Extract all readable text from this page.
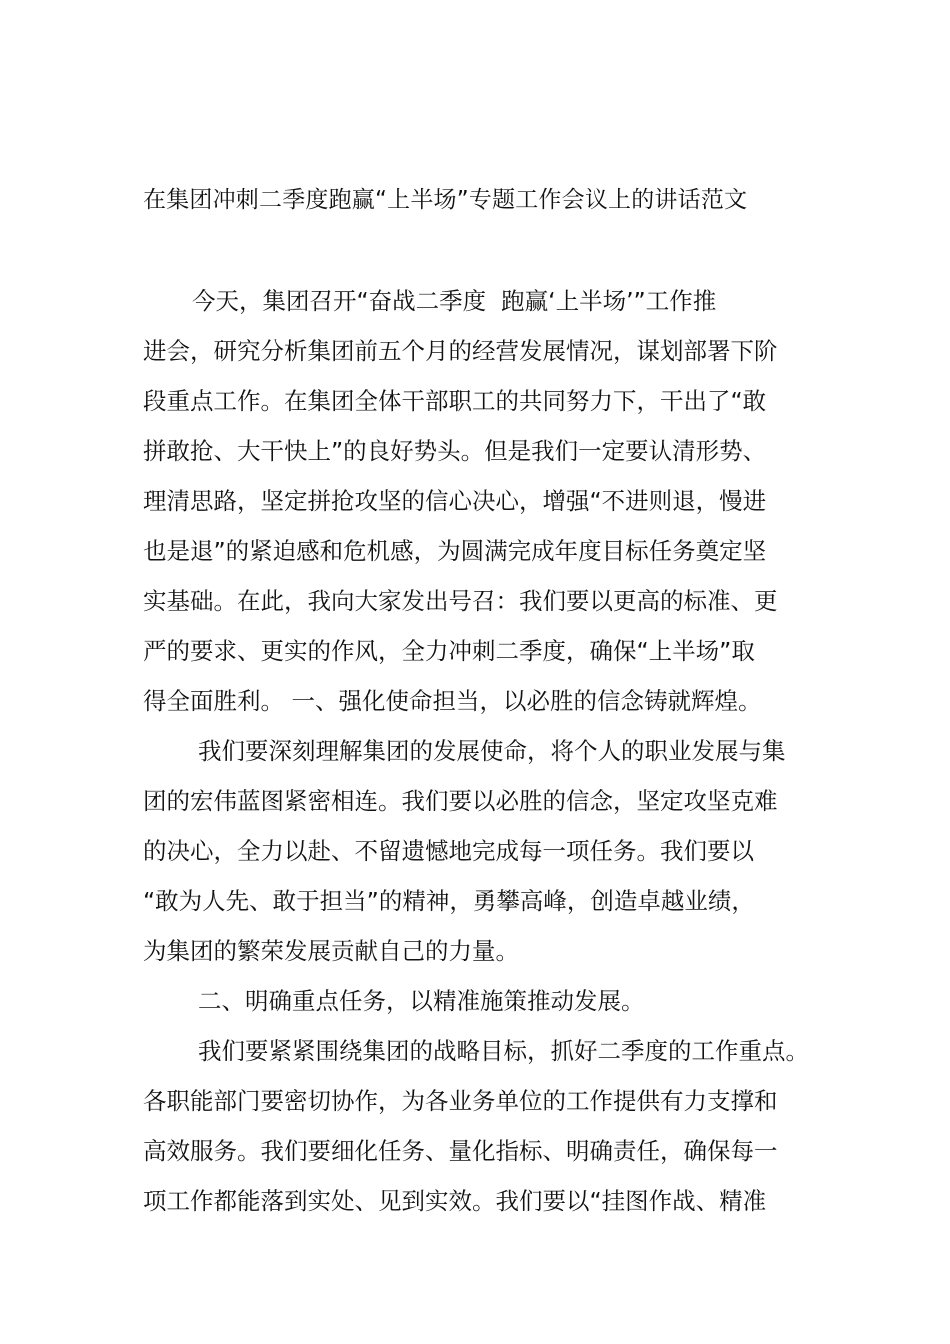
在集团冲刺二季度跑赢“上半场”专题工作会议上的讲话范文
今天，集团召开“奋战二季度  跑赢‘上半场’”工作推
进会，研究分析集团前五个月的经营发展情况，谋划部署下阶
段重点工作。在集团全体干部职工的共同努力下，干出了“敢
拼敢抢、大干快上”的良好势头。但是我们一定要认清形势、
理清思路，坚定拼抢攻坚的信心决心，增强“不进则退，慢进
也是退”的紧迫感和危机感，为圆满完成年度目标任务奠定坚
实基础。在此，我向大家发出号召：我们要以更高的标准、更
严的要求、更实的作风，全力冲刺二季度，确保“上半场”取
得全面胜利。 一、强化使命担当，以必胜的信念铸就辉煌。
我们要深刻理解集团的发展使命，将个人的职业发展与集
团的宏伟蓝图紧密相连。我们要以必胜的信念，坚定攻坚克难
的决心，全力以赴、不留遗憾地完成每一项任务。我们要以
“敢为人先、敢于担当”的精神，勇攀高峰，创造卓越业绩，
为集团的繁荣发展贡献自己的力量。
二、明确重点任务，以精准施策推动发展。
我们要紧紧围绕集团的战略目标，抓好二季度的工作重点。
各职能部门要密切协作，为各业务单位的工作提供有力支撑和
高效服务。我们要细化任务、量化指标、明确责任，确保每一
项工作都能落到实处、见到实效。我们要以“挂图作战、精准
